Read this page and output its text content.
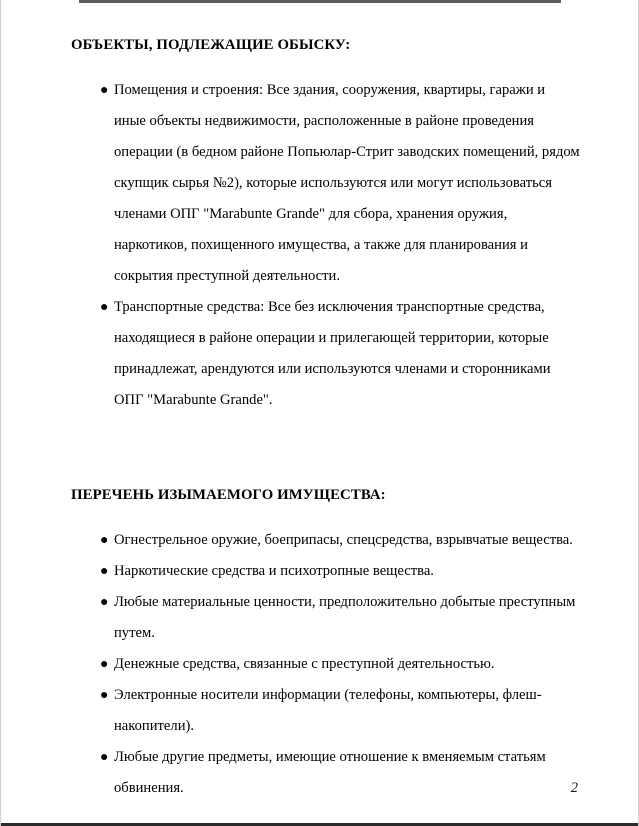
ОБЪЕКТЫ, ПОДЛЕЖАЩИЕ ОБЫСКУ:
● Помещения и строения: Все здания, сооружения, квартиры, гаражи и иные объекты недвижимости, расположенные в районе проведения операции (в бедном районе Попьюлар-Стрит заводских помещений, рядом скупщик сырья №2), которые используются или могут использоваться членами ОПГ "Marabunte Grande" для сбора, хранения оружия, наркотиков, похищенного имущества, а также для планирования и сокрытия преступной деятельности.
● Транспортные средства: Все без исключения транспортные средства, находящиеся в районе операции и прилегающей территории, которые принадлежат, арендуются или используются членами и сторонниками ОПГ "Marabunte Grande".
ПЕРЕЧЕНЬ ИЗЫМАЕМОГО ИМУЩЕСТВА:
● Огнестрельное оружие, боеприпасы, спецсредства, взрывчатые вещества.
● Наркотические средства и психотропные вещества.
● Любые материальные ценности, предположительно добытые преступным путем.
● Денежные средства, связанные с преступной деятельностью.
● Электронные носители информации (телефоны, компьютеры, флеш-накопители).
● Любые другие предметы, имеющие отношение к вменяемым статьям обвинения.	2
